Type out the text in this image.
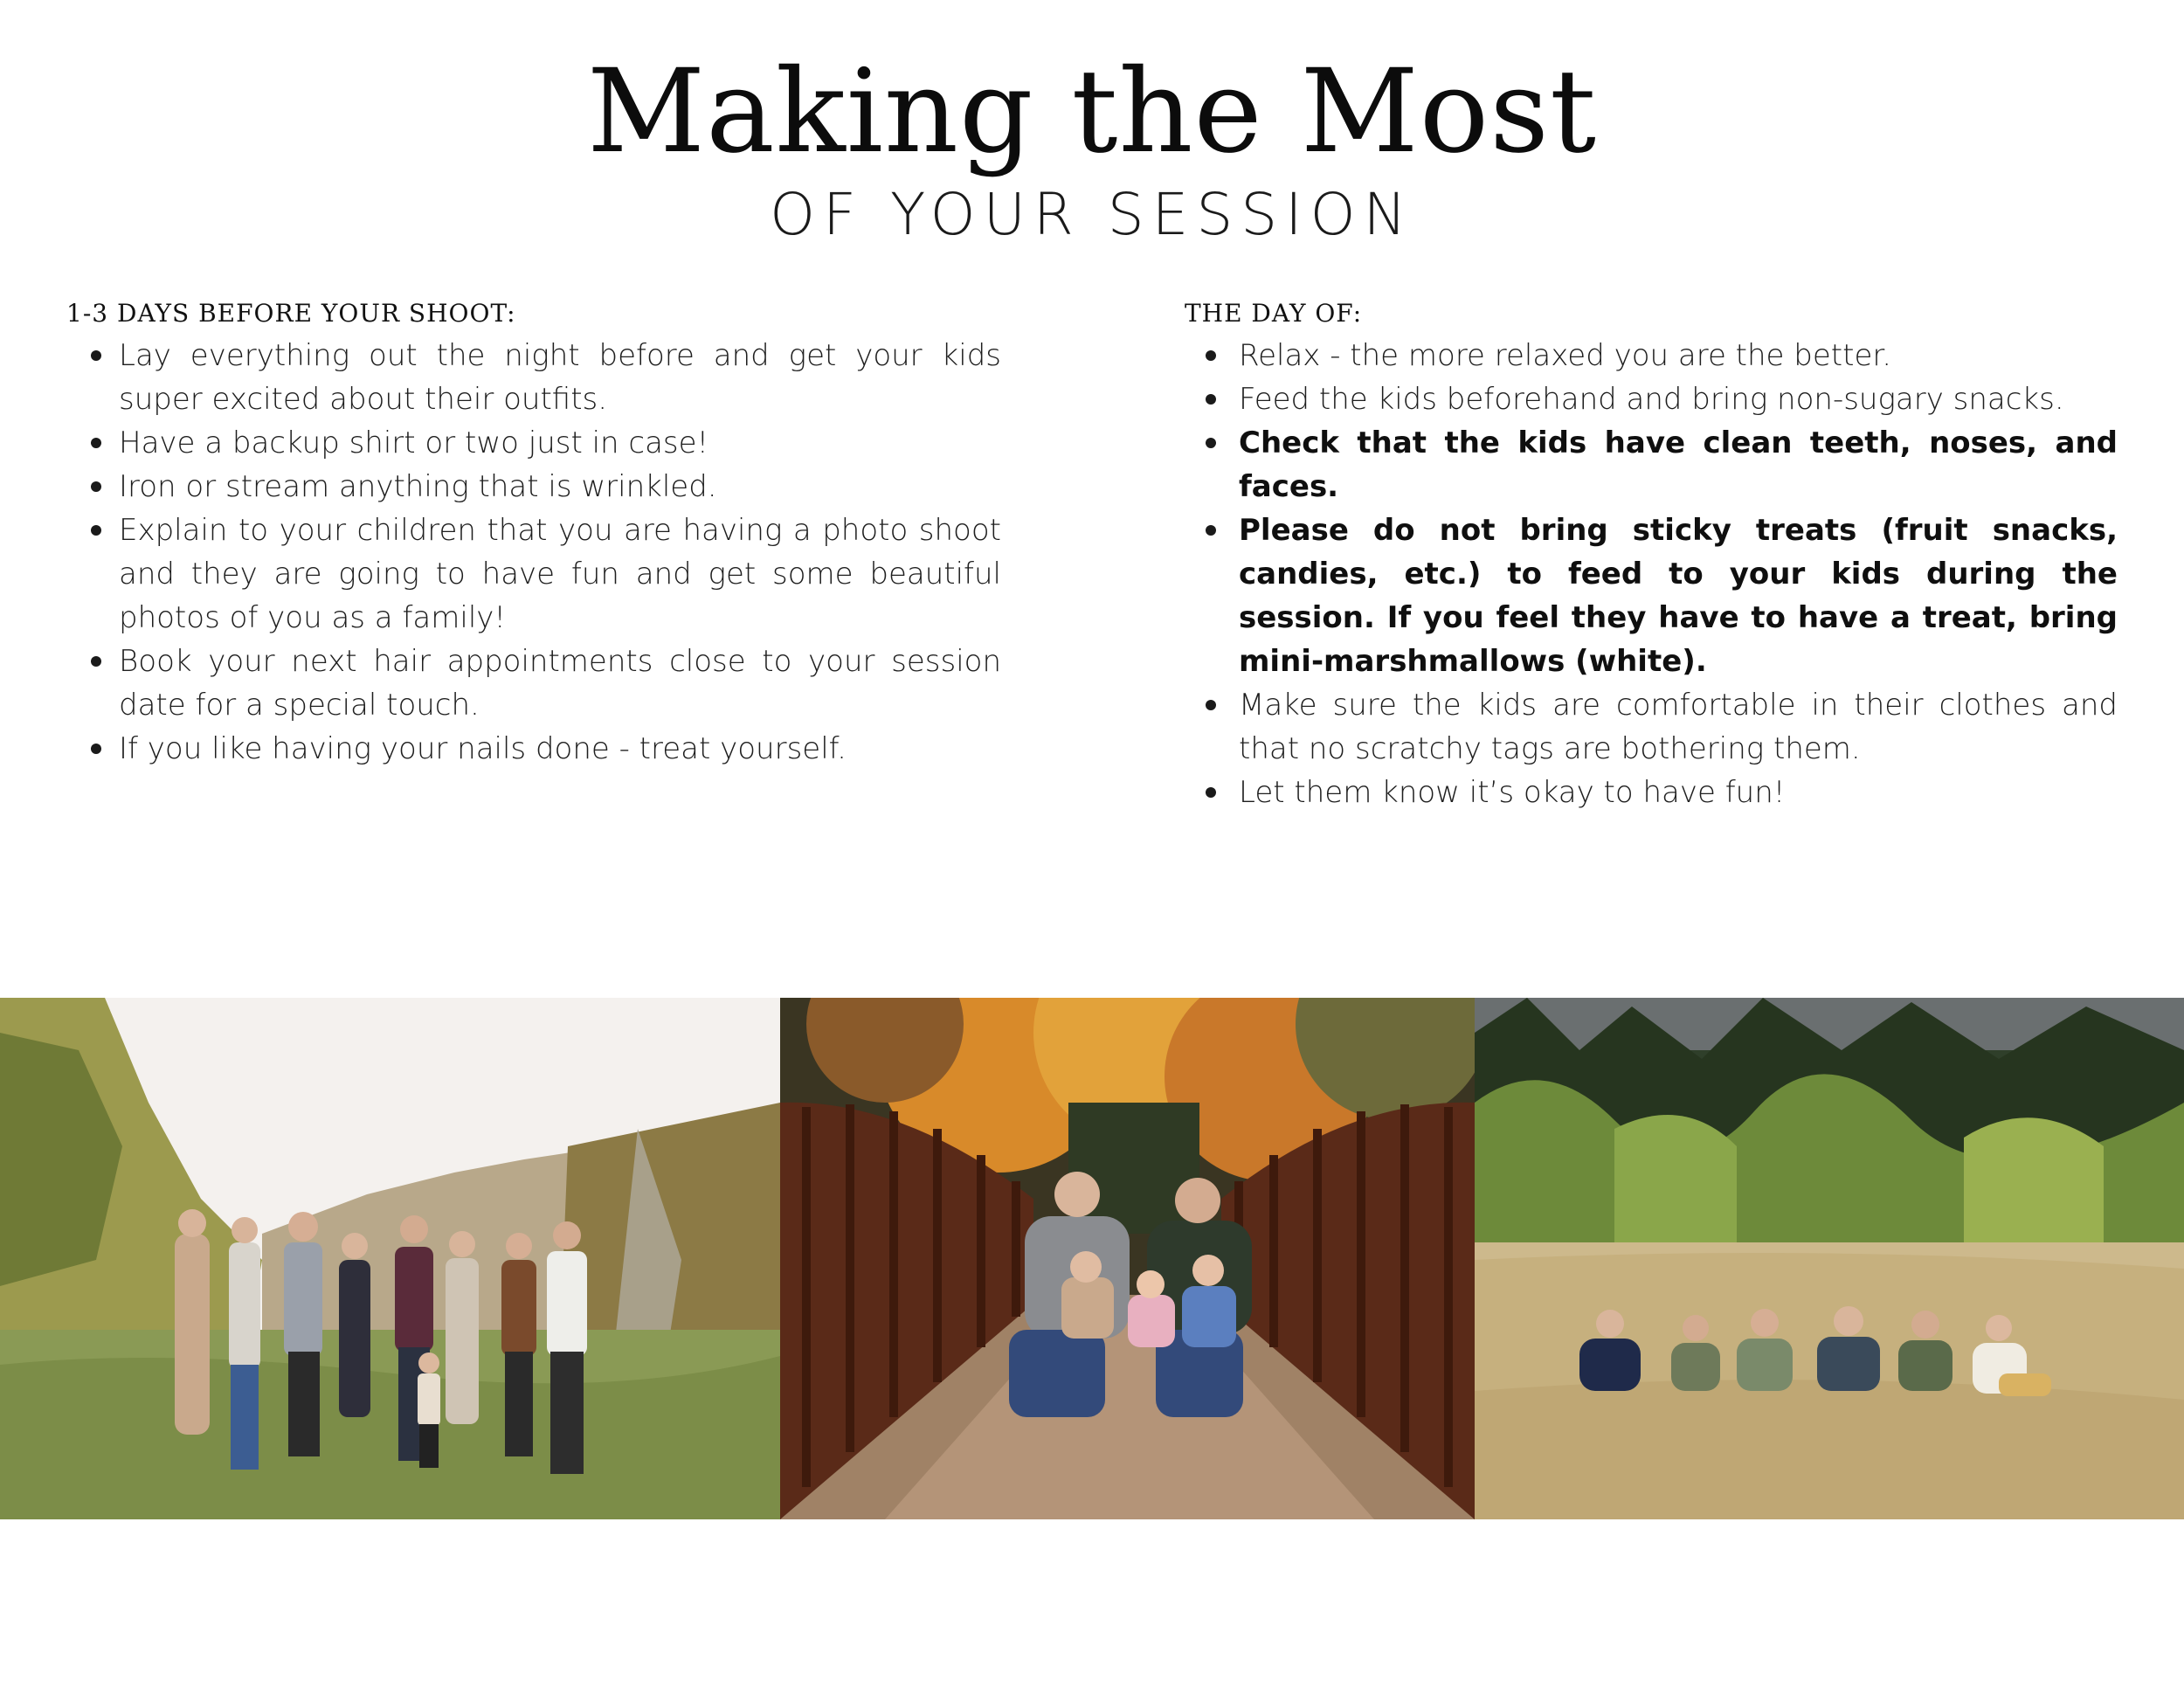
Making the Most
OF YOUR SESSION
1-3 DAYS BEFORE YOUR SHOOT:
Lay everything out the night before and get your kids super excited about their outfits.
Have a backup shirt or two just in case!
Iron or stream anything that is wrinkled.
Explain to your children that you are having a photo shoot and they are going to have fun and get some beautiful photos of you as a family!
Book your next hair appointments close to your session date for a special touch.
If you like having your nails done - treat yourself.
THE DAY OF:
Relax - the more relaxed you are the better.
Feed the kids beforehand and bring non-sugary snacks.
Check that the kids have clean teeth, noses, and faces.
Please do not bring sticky treats (fruit snacks, candies, etc.) to feed to your kids during the session. If you feel they have to have a treat, bring mini-marshmallows (white).
Make sure the kids are comfortable in their clothes and that no scratchy tags are bothering them.
Let them know it’s okay to have fun!
